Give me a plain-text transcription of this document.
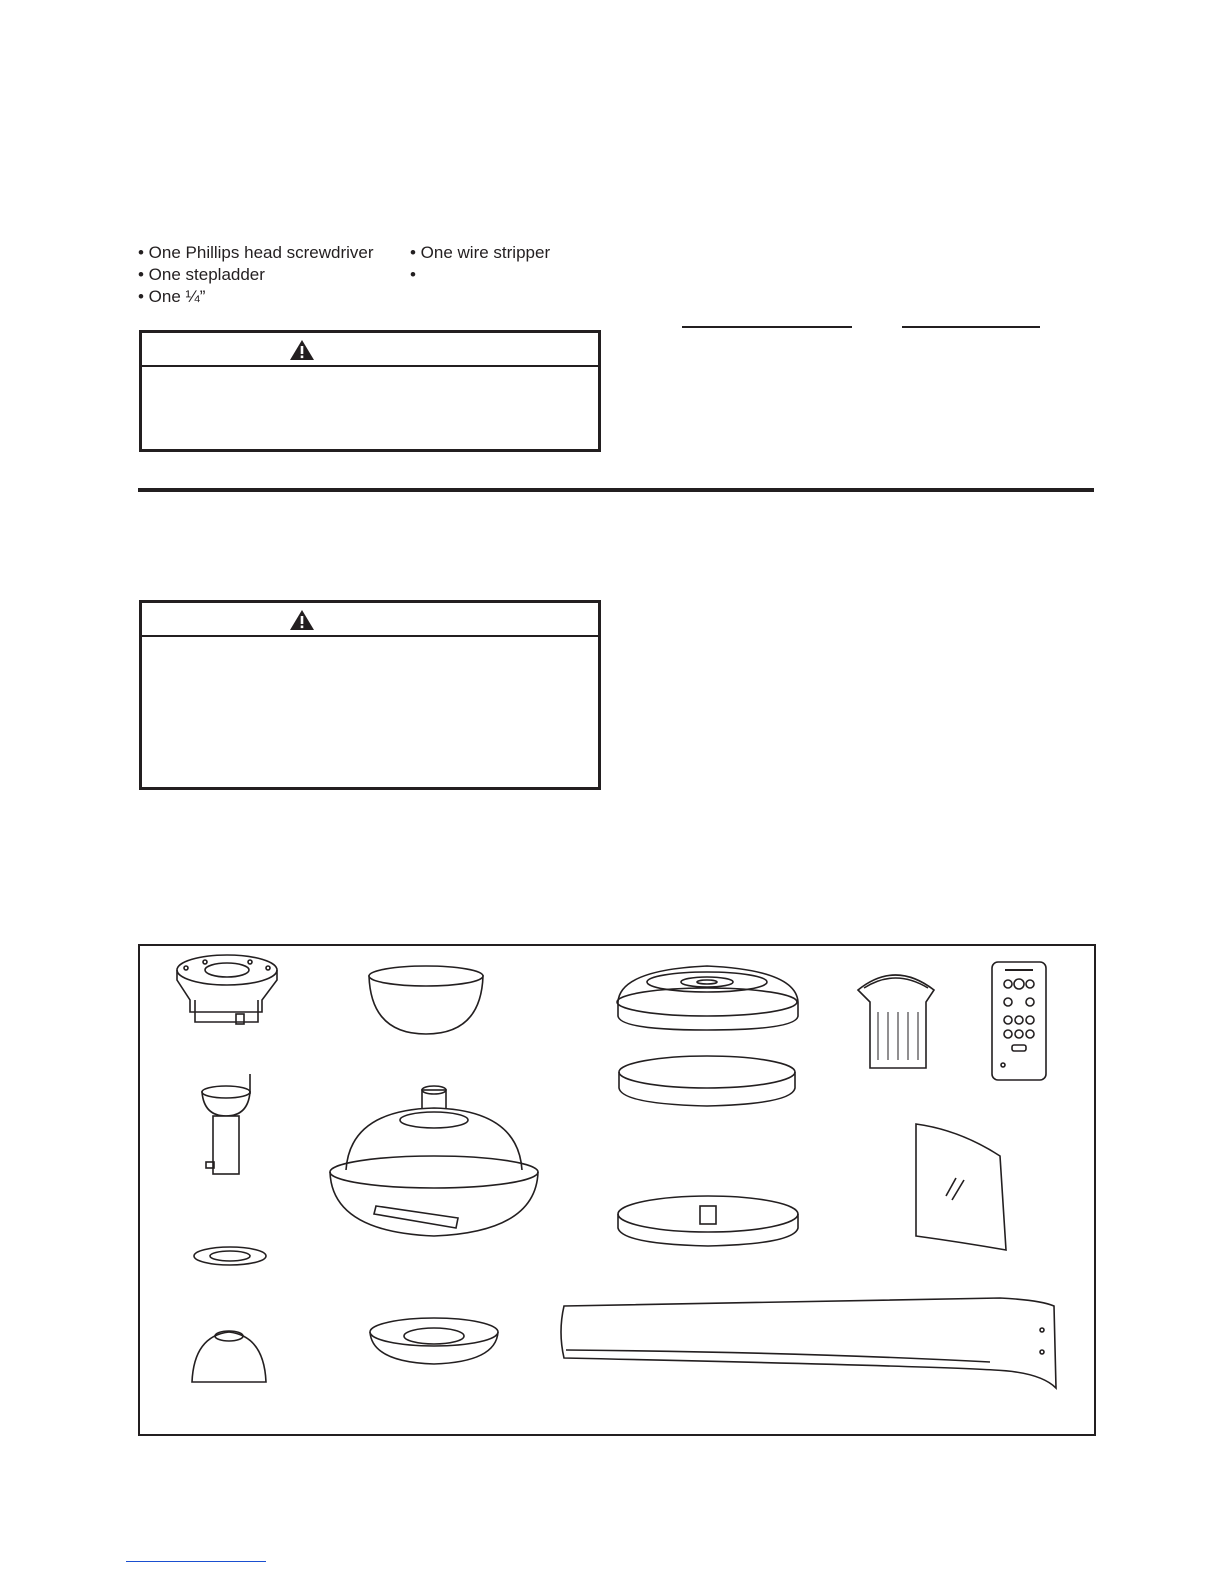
• One Phillips head screwdriver
• One stepladder
• One ¼”
• One wire stripper
•
